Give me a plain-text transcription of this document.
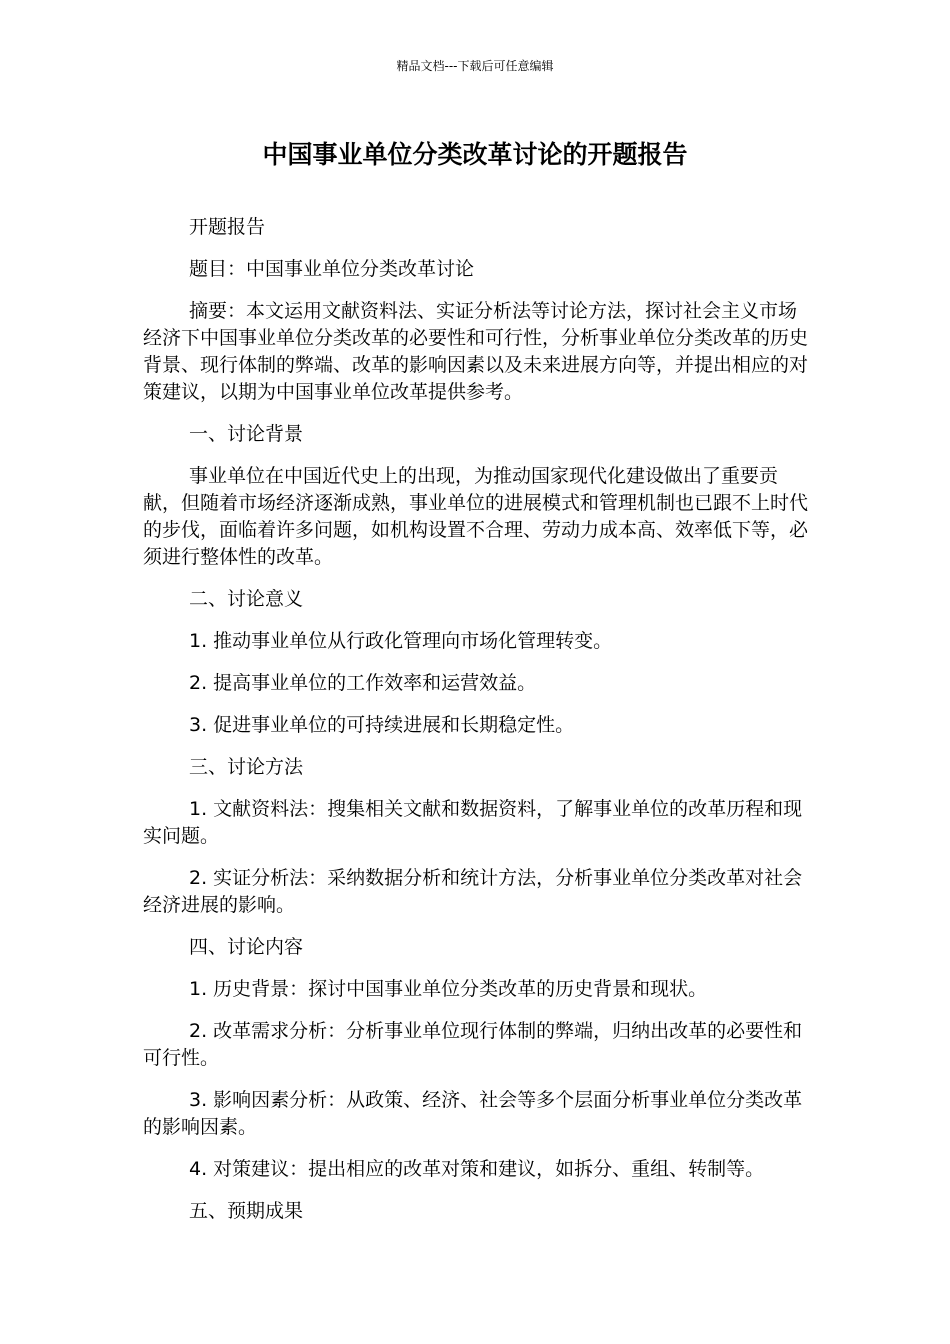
精品文档---下载后可任意编辑
中国事业单位分类改革讨论的开题报告

开题报告

题目：中国事业单位分类改革讨论

摘要：本文运用文献资料法、实证分析法等讨论方法，探讨社会主义市场经济下中国事业单位分类改革的必要性和可行性，分析事业单位分类改革的历史背景、现行体制的弊端、改革的影响因素以及未来进展方向等，并提出相应的对策建议，以期为中国事业单位改革提供参考。

一、讨论背景

事业单位在中国近代史上的出现，为推动国家现代化建设做出了重要贡献，但随着市场经济逐渐成熟，事业单位的进展模式和管理机制也已跟不上时代的步伐，面临着许多问题，如机构设置不合理、劳动力成本高、效率低下等，必须进行整体性的改革。

二、讨论意义

1. 推动事业单位从行政化管理向市场化管理转变。

2. 提高事业单位的工作效率和运营效益。

3. 促进事业单位的可持续进展和长期稳定性。

三、讨论方法

1. 文献资料法：搜集相关文献和数据资料，了解事业单位的改革历程和现实问题。

2. 实证分析法：采纳数据分析和统计方法，分析事业单位分类改革对社会经济进展的影响。

四、讨论内容

1. 历史背景：探讨中国事业单位分类改革的历史背景和现状。

2. 改革需求分析：分析事业单位现行体制的弊端，归纳出改革的必要性和可行性。

3. 影响因素分析：从政策、经济、社会等多个层面分析事业单位分类改革的影响因素。

4. 对策建议：提出相应的改革对策和建议，如拆分、重组、转制等。

五、预期成果
